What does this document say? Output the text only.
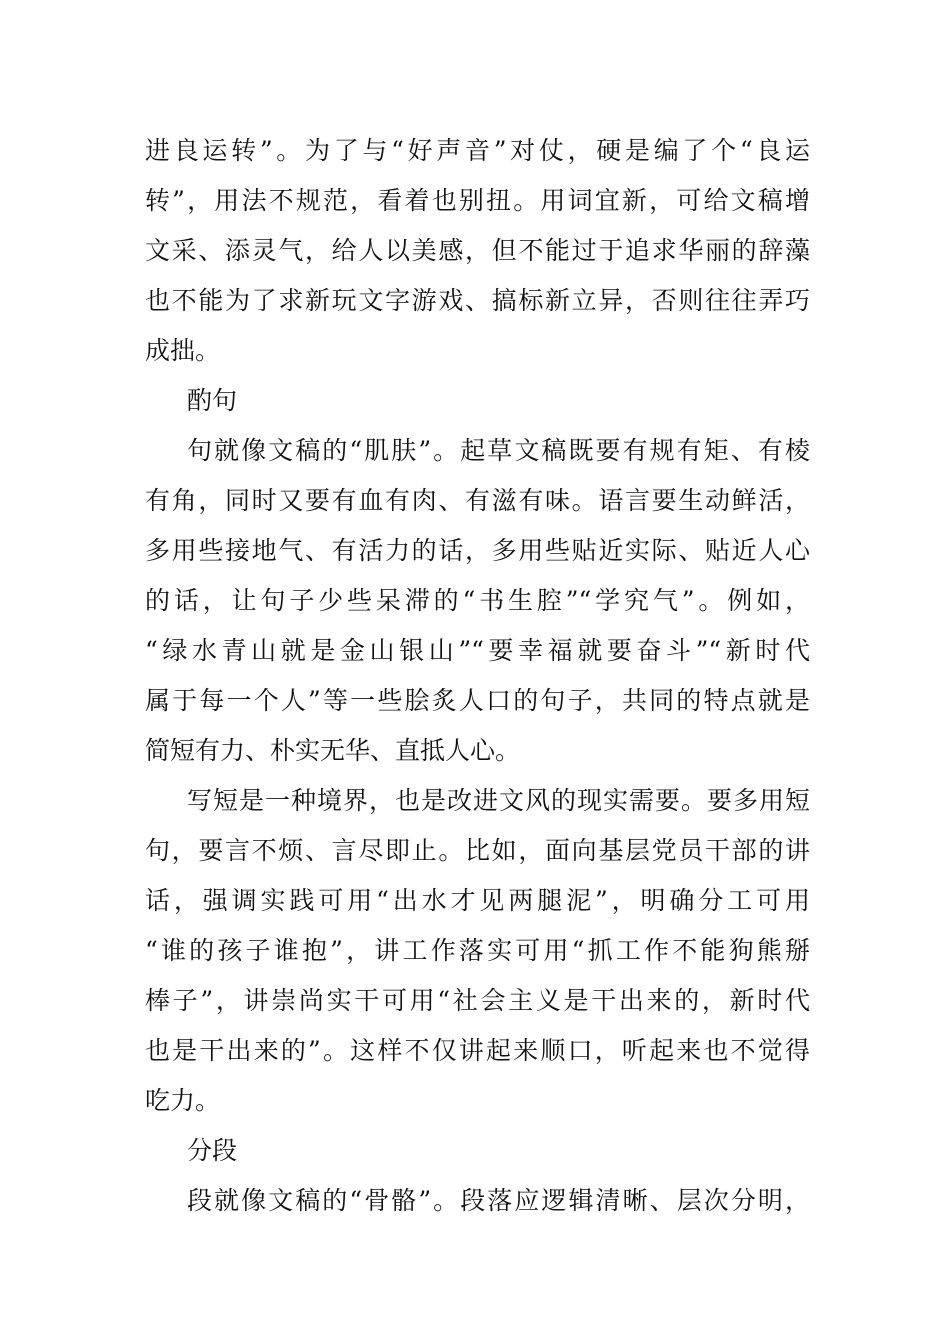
进良运转”。为了与“好声音”对仗，硬是编了个“良运
转”，用法不规范，看着也别扭。用词宜新，可给文稿增
文采、添灵气，给人以美感，但不能过于追求华丽的辞藻
也不能为了求新玩文字游戏、搞标新立异，否则往往弄巧
成拙。
酌句
句就像文稿的“肌肤”。起草文稿既要有规有矩、有棱
有角，同时又要有血有肉、有滋有味。语言要生动鲜活，
多用些接地气、有活力的话，多用些贴近实际、贴近人心
的话，让句子少些呆滞的“书生腔”“学究气”。例如，
“绿水青山就是金山银山”“要幸福就要奋斗”“新时代
属于每一个人”等一些脍炙人口的句子，共同的特点就是
简短有力、朴实无华、直抵人心。
写短是一种境界，也是改进文风的现实需要。要多用短
句，要言不烦、言尽即止。比如，面向基层党员干部的讲
话，强调实践可用“出水才见两腿泥”，明确分工可用
“谁的孩子谁抱”，讲工作落实可用“抓工作不能狗熊掰
棒子”，讲崇尚实干可用“社会主义是干出来的，新时代
也是干出来的”。这样不仅讲起来顺口，听起来也不觉得
吃力。
分段
段就像文稿的“骨骼”。段落应逻辑清晰、层次分明，
